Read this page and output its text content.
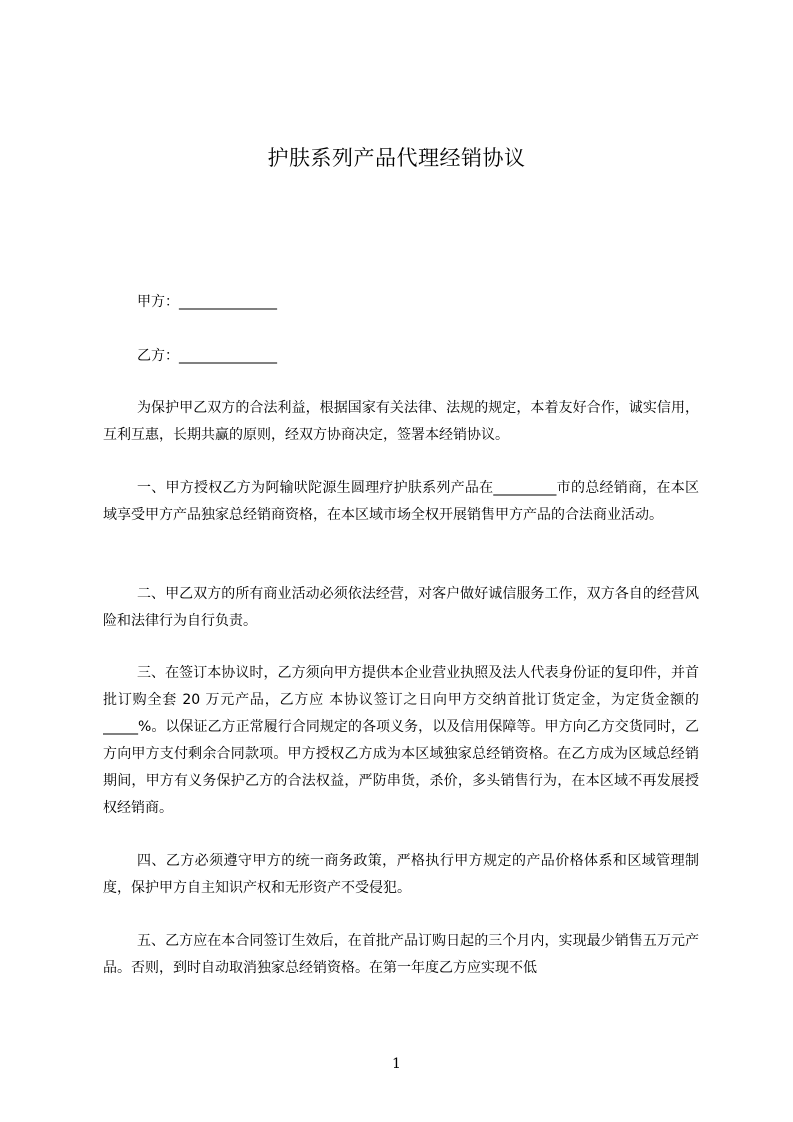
护肤系列产品代理经销协议
甲方：______________
乙方：______________
为保护甲乙双方的合法利益，根据国家有关法律、法规的规定，本着友好合作，诚实信用，互利互惠，长期共赢的原则，经双方协商决定，签署本经销协议。
一、甲方授权乙方为阿输吠陀源生圆理疗护肤系列产品在_________市的总经销商，在本区域享受甲方产品独家总经销商资格，在本区域市场全权开展销售甲方产品的合法商业活动。
二、甲乙双方的所有商业活动必须依法经营，对客户做好诚信服务工作，双方各自的经营风险和法律行为自行负责。
三、在签订本协议时，乙方须向甲方提供本企业营业执照及法人代表身份证的复印件，并首批订购全套 20 万元产品，乙方应 本协议签订之日向甲方交纳首批订货定金，为定货金额的_____%。以保证乙方正常履行合同规定的各项义务，以及信用保障等。甲方向乙方交货同时，乙方向甲方支付剩余合同款项。甲方授权乙方成为本区域独家总经销资格。在乙方成为区域总经销期间，甲方有义务保护乙方的合法权益，严防串货，杀价，多头销售行为，在本区域不再发展授权经销商。
四、乙方必须遵守甲方的统一商务政策，严格执行甲方规定的产品价格体系和区域管理制度，保护甲方自主知识产权和无形资产不受侵犯。
五、乙方应在本合同签订生效后，在首批产品订购日起的三个月内，实现最少销售五万元产品。否则，到时自动取消独家总经销资格。在第一年度乙方应实现不低
1
